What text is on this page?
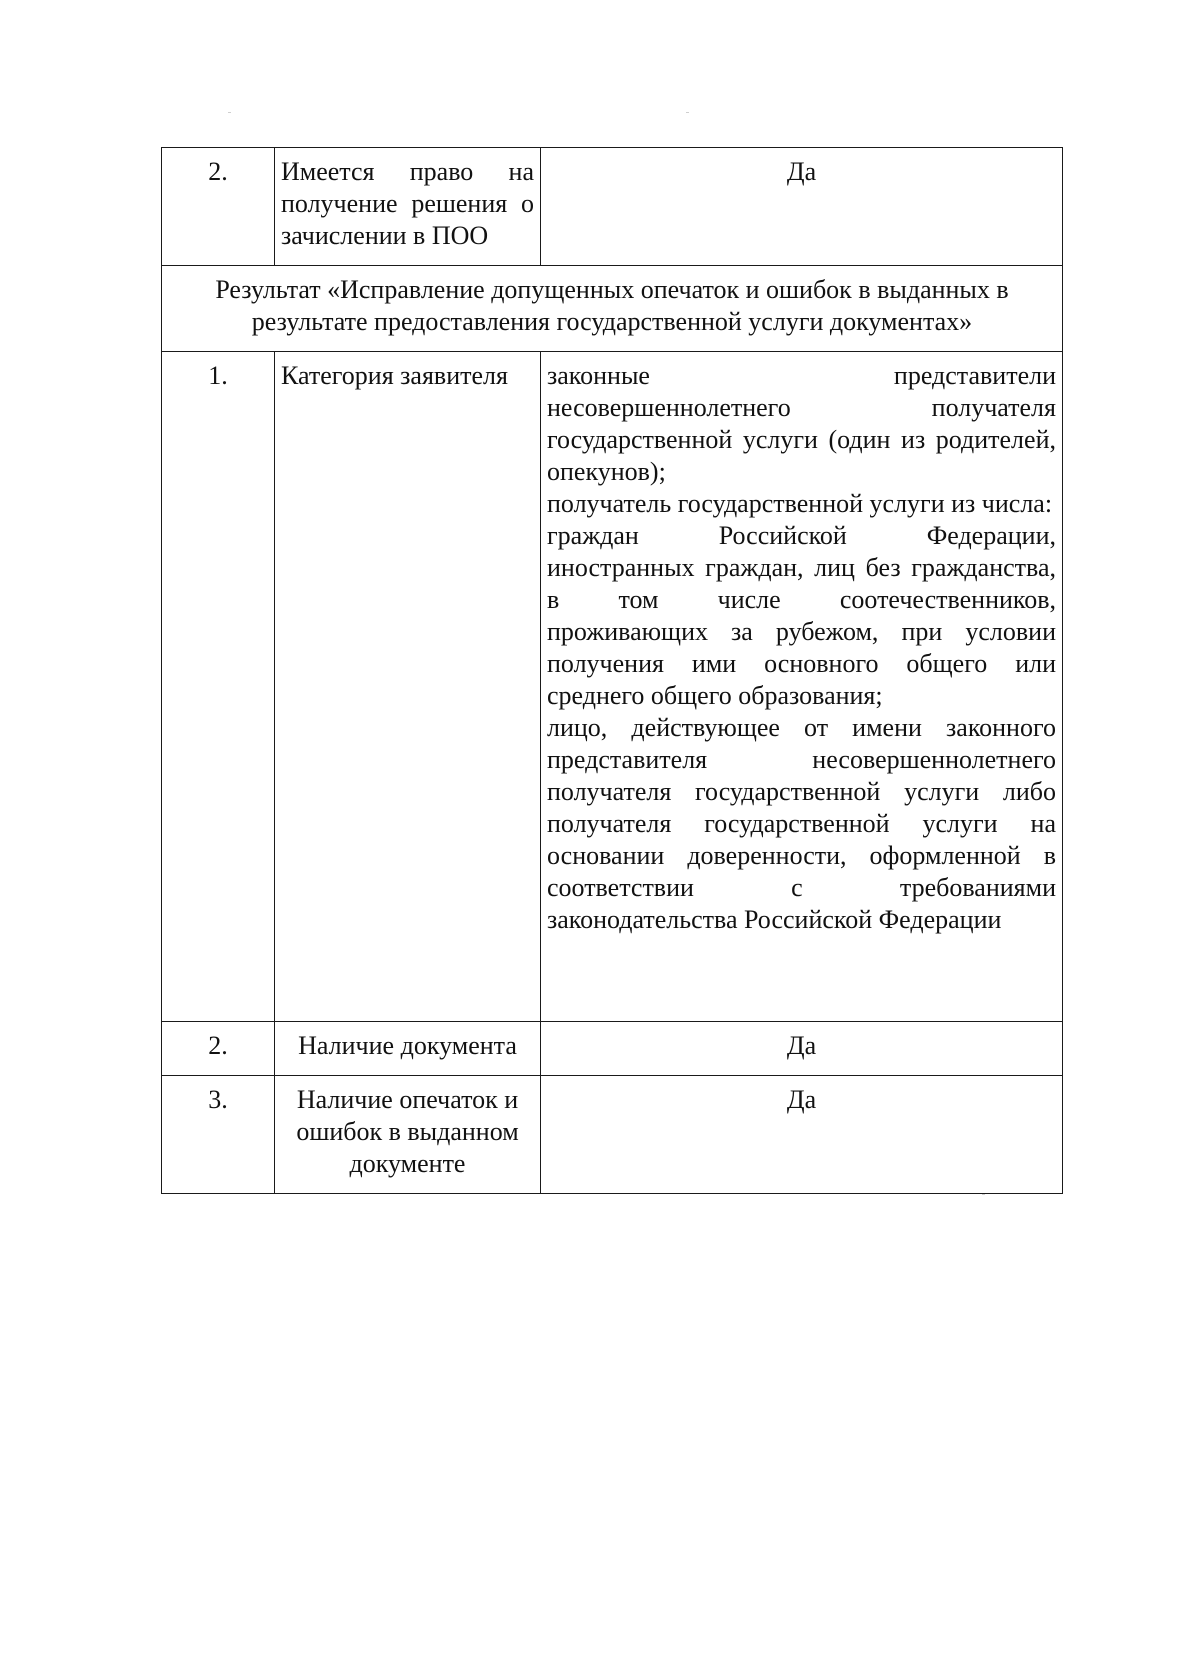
2.	Имеется право на получение решения о зачислении в ПОО	Да
Результат «Исправление допущенных опечаток и ошибок в выданных в результате предоставления государственной услуги документах»		
1.	Категория заявителя	законные представители несовершеннолетнего получателя государственной услуги (один из родителей, опекунов);

получатель государственной услуги из числа:

граждан Российской Федерации, иностранных граждан, лиц без гражданства, в том числе соотечественников, проживающих за рубежом, при условии получения ими основного общего или среднего общего образования;

лицо, действующее от имени законного представителя несовершеннолетнего получателя государственной услуги либо получателя государственной услуги на основании доверенности, оформленной в соответствии с требованиями законодательства Российской Федерации

2.	Наличие документа	Да
3.	Наличие опечаток и ошибок в выданном документе	Да
